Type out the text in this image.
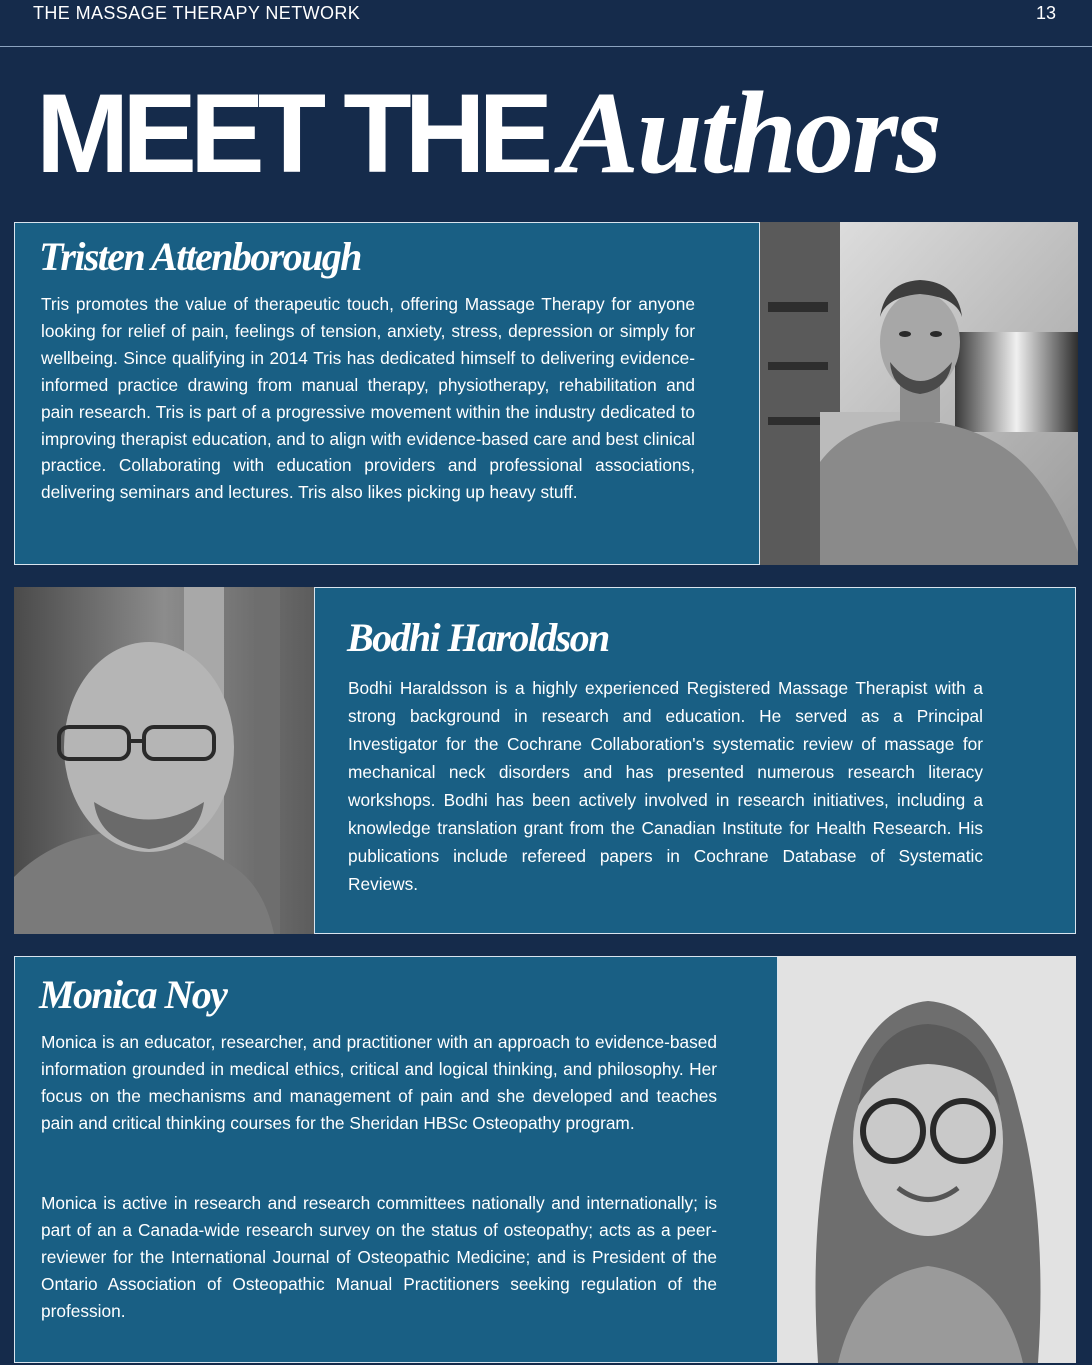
THE MASSAGE THERAPY NETWORK	13
MEET THE Authors
Tristen Attenborough

Tris promotes the value of therapeutic touch, offering Massage Therapy for anyone looking for relief of pain, feelings of tension, anxiety, stress, depression or simply for wellbeing. Since qualifying in 2014 Tris has dedicated himself to delivering evidence-informed practice drawing from manual therapy, physiotherapy, rehabilitation and pain research. Tris is part of a progressive movement within the industry dedicated to improving therapist education, and to align with evidence-based care and best clinical practice. Collaborating with education providers and professional associations, delivering seminars and lectures. Tris also likes picking up heavy stuff.

Bodhi Haroldson

Bodhi Haraldsson is a highly experienced Registered Massage Therapist with a strong background in research and education. He served as a Principal Investigator for the Cochrane Collaboration's systematic review of massage for mechanical neck disorders and has presented numerous research literacy workshops. Bodhi has been actively involved in research initiatives, including a knowledge translation grant from the Canadian Institute for Health Research. His publications include refereed papers in Cochrane Database of Systematic Reviews.

Monica Noy

Monica is an educator, researcher, and practitioner with an approach to evidence-based information grounded in medical ethics, critical and logical thinking, and philosophy. Her focus on the mechanisms and management of pain and she developed and teaches pain and critical thinking courses for the Sheridan HBSc Osteopathy program.

Monica is active in research and research committees nationally and internationally; is part of an a Canada-wide research survey on the status of osteopathy; acts as a peer-reviewer for the International Journal of Osteopathic Medicine; and is President of the Ontario Association of Osteopathic Manual Practitioners seeking regulation of the profession.
